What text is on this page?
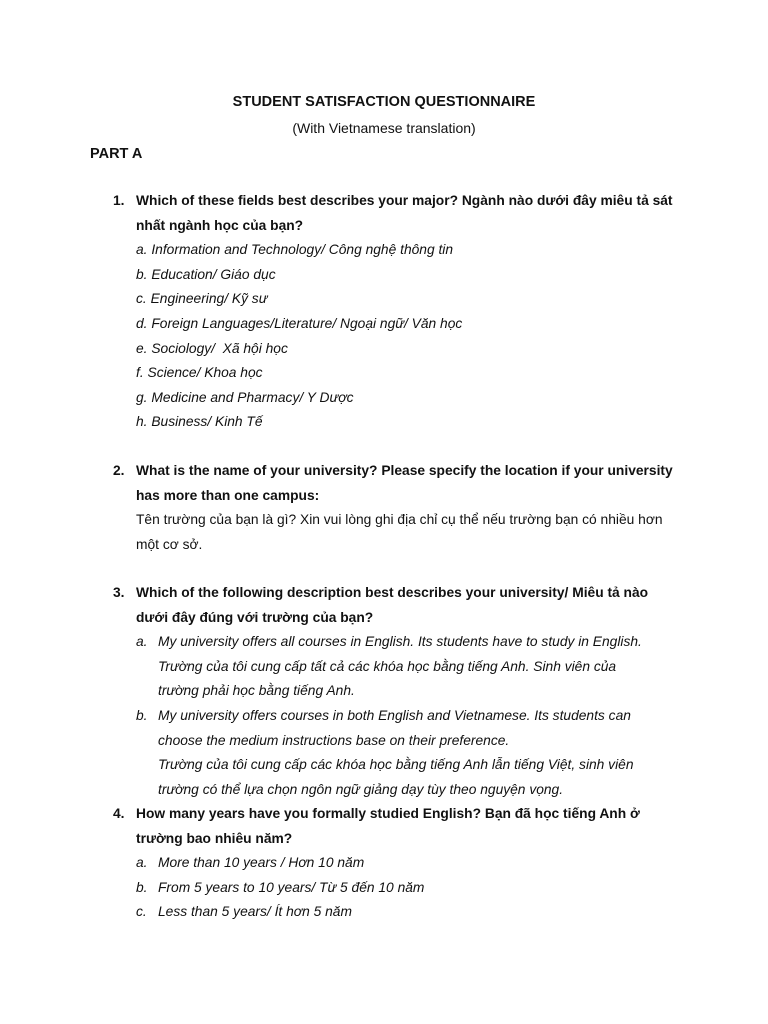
STUDENT SATISFACTION QUESTIONNAIRE
(With Vietnamese translation)
PART A
1. Which of these fields best describes your major? Ngành nào dưới đây miêu tả sát nhất ngành học của bạn?
a. Information and Technology/ Công nghệ thông tin
b. Education/ Giáo dục
c. Engineering/ Kỹ sư
d. Foreign Languages/Literature/ Ngoại ngữ/ Văn học
e. Sociology/  Xã hội học
f. Science/ Khoa học
g. Medicine and Pharmacy/ Y Dược
h. Business/ Kinh Tế
2. What is the name of your university? Please specify the location if your university has more than one campus:
Tên trường của bạn là gì? Xin vui lòng ghi địa chỉ cụ thể nếu trường bạn có nhiều hơn một cơ sở.
3. Which of the following description best describes your university/ Miêu tả nào dưới đây đúng với trường của bạn?
a. My university offers all courses in English. Its students have to study in English.
Trường của tôi cung cấp tất cả các khóa học bằng tiếng Anh. Sinh viên của
trường phải học bằng tiếng Anh.
b. My university offers courses in both English and Vietnamese. Its students can
choose the medium instructions base on their preference.
Trường của tôi cung cấp các khóa học bằng tiếng Anh lẫn tiếng Việt, sinh viên
trường có thể lựa chọn ngôn ngữ giảng dạy tùy theo nguyện vọng.
4. How many years have you formally studied English? Bạn đã học tiếng Anh ở trường bao nhiêu năm?
a. More than 10 years / Hơn 10 năm
b. From 5 years to 10 years/ Từ 5 đến 10 năm
c. Less than 5 years/ Ít hơn 5 năm
